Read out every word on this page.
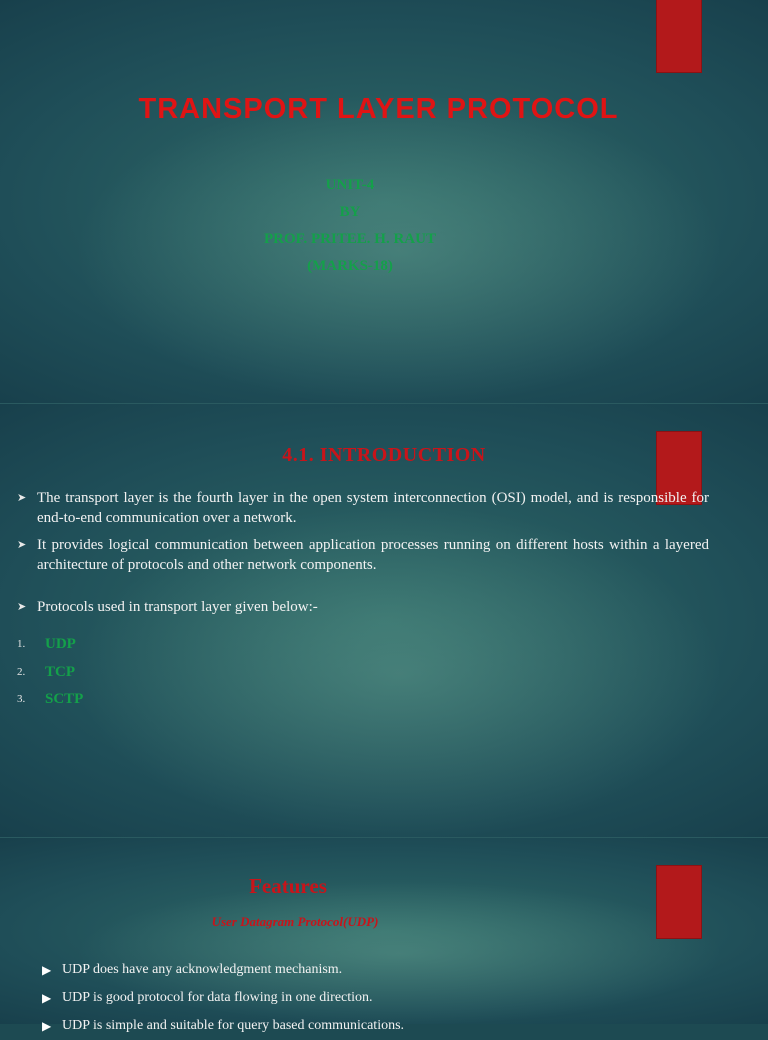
TRANSPORT LAYER PROTOCOL
UNIT-4
BY
PROF. PRITEE. H. RAUT
(MARKS-18)
4.1. INTRODUCTION
➤ The transport layer is the fourth layer in the open system interconnection (OSI) model, and is responsible for end-to-end communication over a network.
➤ It provides logical communication between application processes running on different hosts within a layered architecture of protocols and other network components.
➤ Protocols used in transport layer given below:-
1. UDP
2. TCP
3. SCTP
Features
User Datagram Protocol(UDP)
▶ UDP does have any acknowledgment mechanism.
▶ UDP is good protocol for data flowing in one direction.
▶ UDP is simple and suitable for query based communications.
